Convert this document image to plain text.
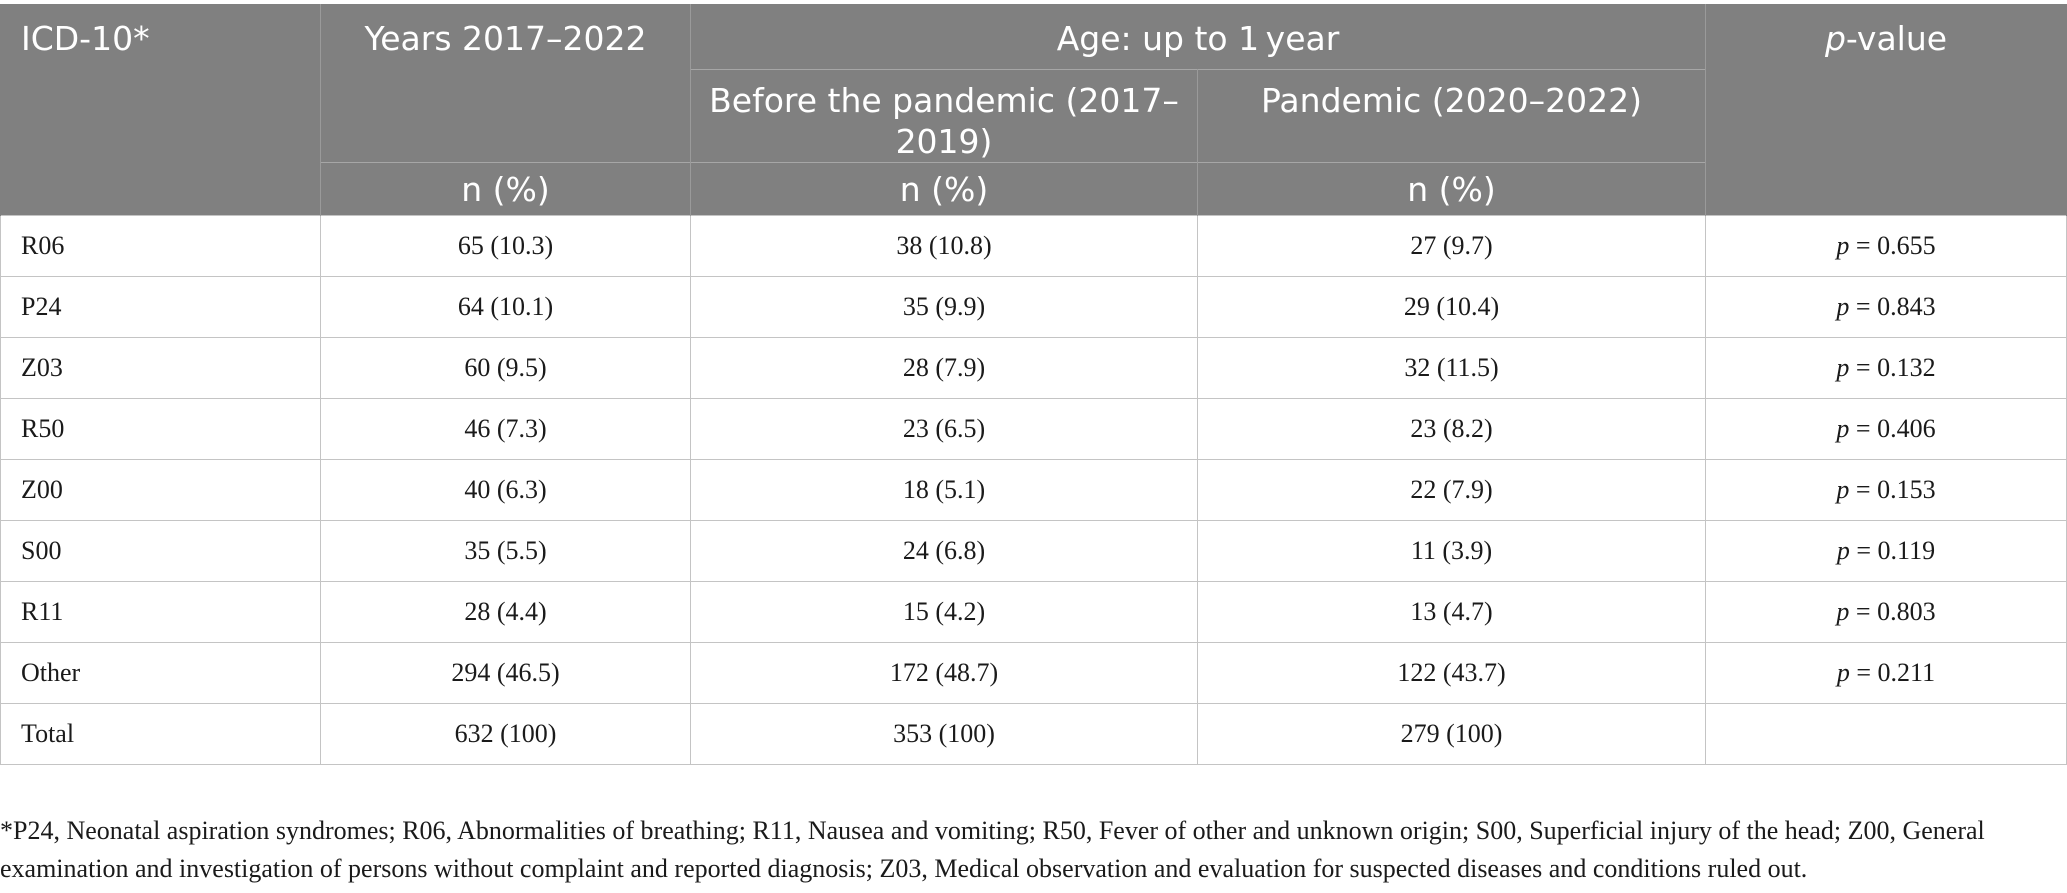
ICD-10*	Years 2017–2022	Age: up to 1 year		p-value
		Before the pandemic (2017–2019)	Pandemic (2020–2022)	
	n (%)	n (%)	n (%)	
R06	65 (10.3)	38 (10.8)	27 (9.7)	p = 0.655
P24	64 (10.1)	35 (9.9)	29 (10.4)	p = 0.843
Z03	60 (9.5)	28 (7.9)	32 (11.5)	p = 0.132
R50	46 (7.3)	23 (6.5)	23 (8.2)	p = 0.406
Z00	40 (6.3)	18 (5.1)	22 (7.9)	p = 0.153
S00	35 (5.5)	24 (6.8)	11 (3.9)	p = 0.119
R11	28 (4.4)	15 (4.2)	13 (4.7)	p = 0.803
Other	294 (46.5)	172 (48.7)	122 (43.7)	p = 0.211
Total	632 (100)	353 (100)	279 (100)	
*P24, Neonatal aspiration syndromes; R06, Abnormalities of breathing; R11, Nausea and vomiting; R50, Fever of other and unknown origin; S00, Superficial injury of the head; Z00, General examination and investigation of persons without complaint and reported diagnosis; Z03, Medical observation and evaluation for suspected diseases and conditions ruled out.
